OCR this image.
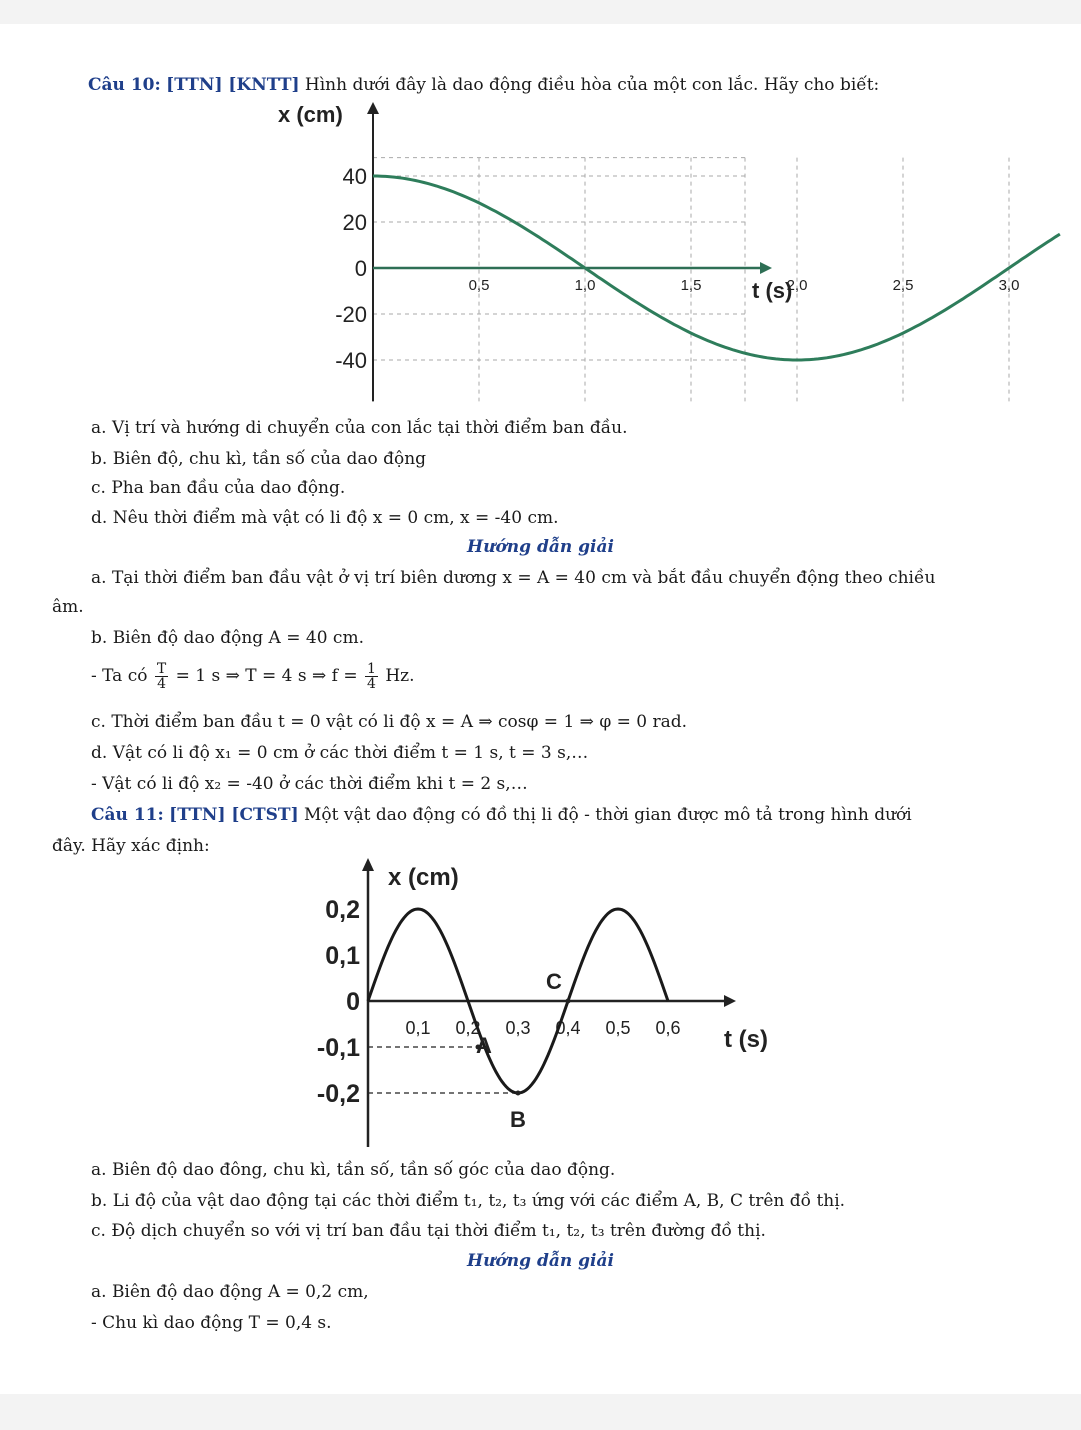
Câu 10: [TTN] [KNTT] Hình dưới đây là dao động điều hòa của một con lắc. Hãy cho biết:
40
20
0
-20
-40
0,5	1,0	1,5	2,0	2,5	3,0
x (cm)
t (s)
a. Vị trí và hướng di chuyển của con lắc tại thời điểm ban đầu.
b. Biên độ, chu kì, tần số của dao động
c. Pha ban đầu của dao động.
d. Nêu thời điểm mà vật có li độ x = 0 cm, x = -40 cm.
Hướng dẫn giải
a. Tại thời điểm ban đầu vật ở vị trí biên dương x = A = 40 cm và bắt đầu chuyển động theo chiều
âm.
b. Biên độ dao động A = 40 cm.
- Ta có $\frac{T}{4} = 1$ s ⇒ T = 4 s ⇒ $f = \frac{1}{4} Hz$.
c. Thời điểm ban đầu t = 0 vật có li độ x = A ⇒ cosφ = 1 ⇒ φ = 0 rad.
d. Vật có li độ x₁ = 0 cm ở các thời điểm t = 1 s, t = 3 s,…
- Vật có li độ x₂ = -40 ở các thời điểm khi t = 2 s,…
Câu 11: [TTN] [CTST] Một vật dao động có đồ thị li độ - thời gian được mô tả trong hình dưới
đây. Hãy xác định:
0,2
0,1
0
-0,1
-0,2
0,1 0,2 0,3 0,4 0,5 0,6
A
B
C
x (cm)
t (s)
a. Biên độ dao đông, chu kì, tần số, tần số góc của dao động.
b. Li độ của vật dao động tại các thời điểm t₁, t₂, t₃ ứng với các điểm A, B, C trên đồ thị.
c. Độ dịch chuyển so với vị trí ban đầu tại thời điểm t₁, t₂, t₃ trên đường đồ thị.
Hướng dẫn giải
a. Biên độ dao động A = 0,2 cm,
- Chu kì dao động T = 0,4 s.
